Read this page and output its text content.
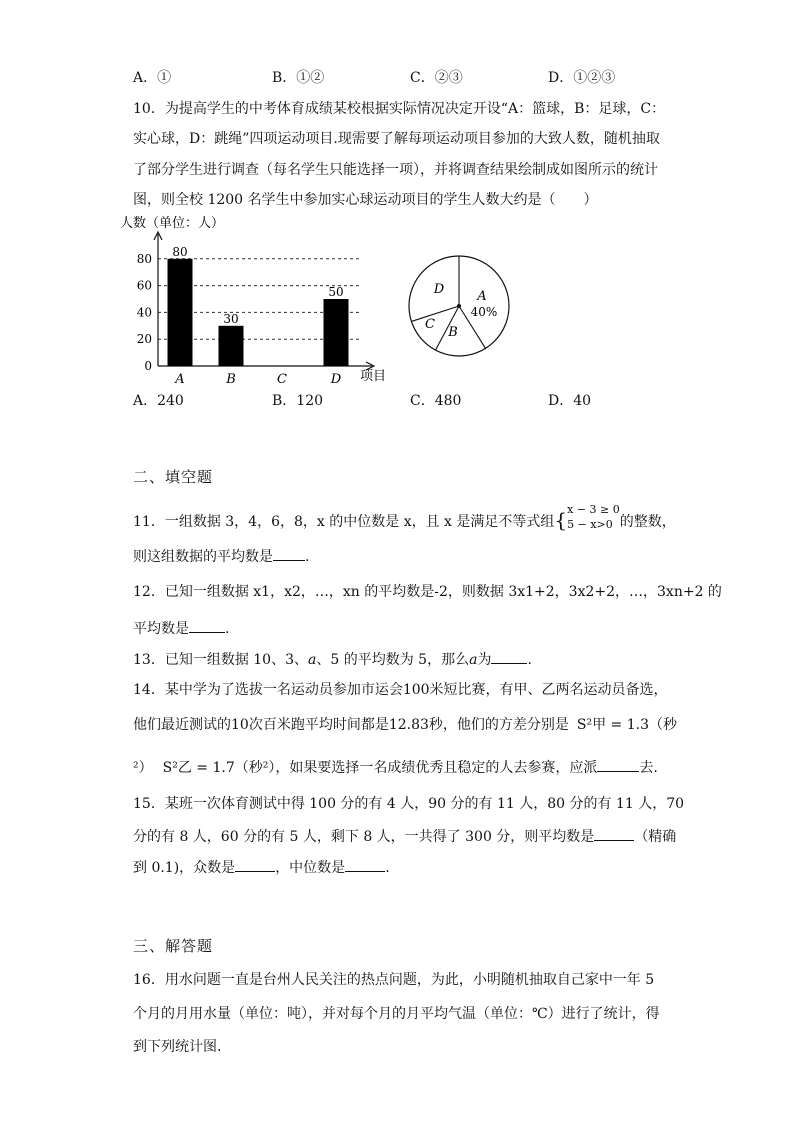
A．①	B．①②	C．②③	D．①②③
10．为提高学生的中考体育成绩某校根据实际情况决定开设“A：篮球，B：足球，C：
实心球，D：跳绳”四项运动项目.现需要了解每项运动项目参加的大致人数，随机抽取
了部分学生进行调查（每名学生只能选择一项），并将调查结果绘制成如图所示的统计
图，则全校 1200 名学生中参加实心球运动项目的学生人数大约是（　　）
人数（单位：人）
0
20
40
60
80
80
30
50
A	B	C	D 项目
A
B
C
D
40%
A．240	B．120	C．480	D．40
二、填空题
11．一组数据 3，4，6，8，x 的中位数是 x，且 x 是满足不等式组{ x − 3 ≥ 0
5 − x>0 的整数，
则这组数据的平均数是 .
12．已知一组数据 x1，x2，…，xn 的平均数是-2，则数据 3x1+2，3x2+2，…，3xn+2 的
平均数是	.
13．已知一组数据 10、3、a、5 的平均数为 5，那么a为	.
14．某中学为了选拔一名运动员参加市运会100米短比赛，有甲、乙两名运动员备选，
他们最近测试的10次百米跑平均时间都是12.83秒，他们的方差分别是 S²甲 = 1.3（秒
²） S²乙 = 1.7（秒²），如果要选择一名成绩优秀且稳定的人去参赛，应派	去.
15．某班一次体育测试中得 100 分的有 4 人，90 分的有 11 人，80 分的有 11 人，70
分的有 8 人，60 分的有 5 人，剩下 8 人，一共得了 300 分，则平均数是	（精确
到 0.1)，众数是	，中位数是	.
三、解答题
16．用水问题一直是台州人民关注的热点问题，为此，小明随机抽取自己家中一年 5
个月的月用水量（单位：吨），并对每个月的月平均气温（单位：℃）进行了统计，得
到下列统计图.
